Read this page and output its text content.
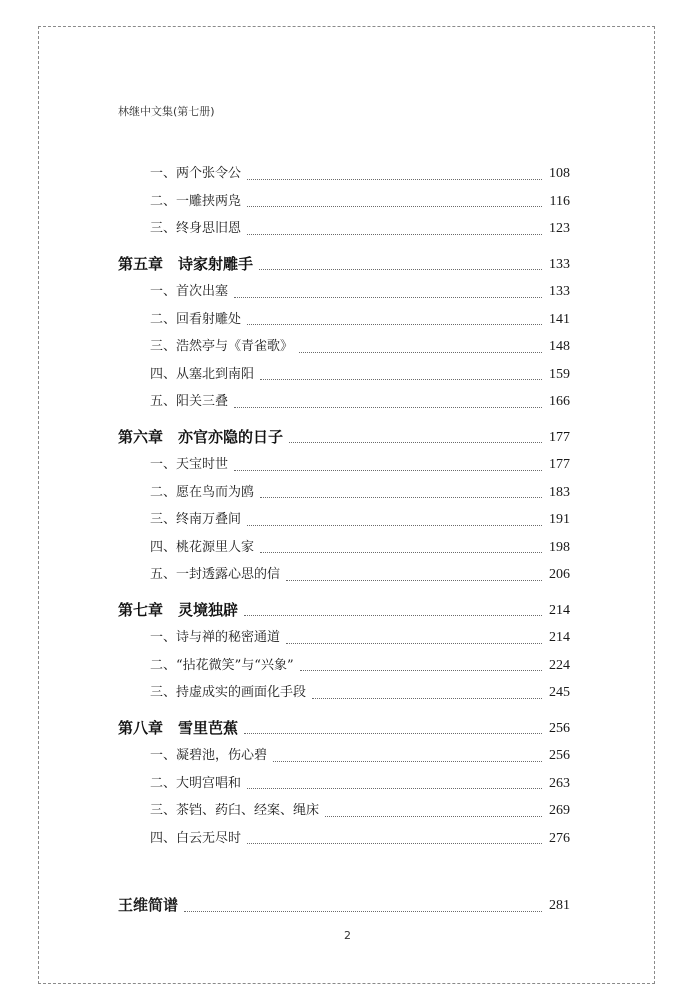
林继中文集(第七册)
一、两个张令公	108
二、一雕挟两凫	116
三、终身思旧恩	123
第五章　诗家射雕手	133
一、首次出塞	133
二、回看射雕处	141
三、浩然亭与《青雀歌》	148
四、从塞北到南阳	159
五、阳关三叠	166
第六章　亦官亦隐的日子	177
一、天宝时世	177
二、愿在鸟而为鸥	183
三、终南万叠间	191
四、桃花源里人家	198
五、一封透露心思的信	206
第七章　灵境独辟	214
一、诗与禅的秘密通道	214
二、“拈花微笑”与“兴象”	224
三、持虚成实的画面化手段	245
第八章　雪里芭蕉	256
一、凝碧池，伤心碧	256
二、大明宫唱和	263
三、茶铛、药臼、经案、绳床	269
四、白云无尽时	276
王维简谱	281
2
